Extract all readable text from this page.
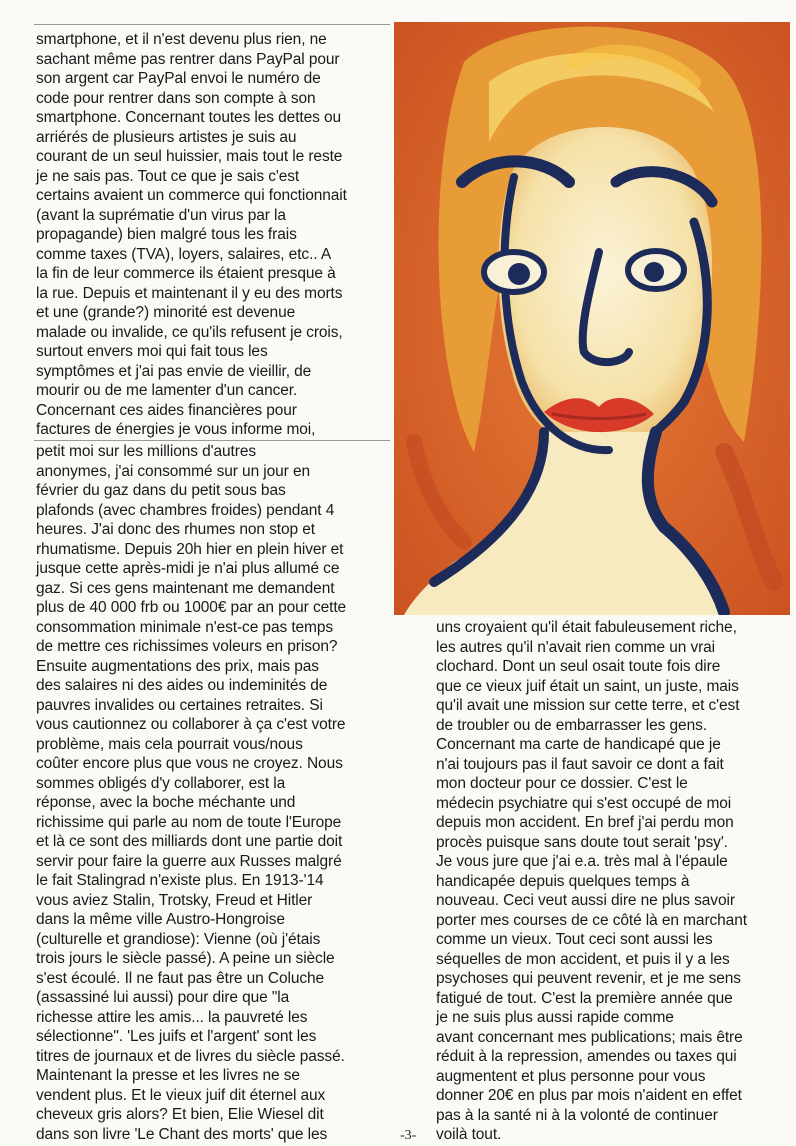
smartphone, et il n'est devenu plus rien, ne
sachant même pas rentrer dans PayPal pour
son argent car PayPal envoi le numéro de
code pour rentrer dans son compte à son
smartphone. Concernant toutes les dettes ou
arriérés de plusieurs artistes je suis au
courant de un seul huissier, mais tout le reste
je ne sais pas. Tout ce que je sais c'est
certains avaient un commerce qui fonctionnait
(avant la suprématie d'un virus par la
propagande) bien malgré tous les frais
comme taxes (TVA), loyers, salaires, etc.. A
la fin de leur commerce ils étaient presque à
la rue. Depuis et maintenant il y eu des morts
et une (grande?) minorité est devenue
malade ou invalide, ce qu'ils refusent je crois,
surtout envers moi qui fait tous les
symptômes et j'ai pas envie de vieillir, de
mourir ou de me lamenter d'un cancer.
Concernant ces aides financières pour
factures de énergies je vous informe moi,

petit moi sur les millions d'autres
anonymes, j'ai consommé sur un jour en
février du gaz dans du petit sous bas
plafonds (avec chambres froides) pendant 4
heures. J'ai donc des rhumes non stop et
rhumatisme. Depuis 20h hier en plein hiver et
jusque cette après-midi je n'ai plus allumé ce
gaz. Si ces gens maintenant me demandent
plus de 40 000 frb ou 1000€ par an pour cette
consommation minimale n'est-ce pas temps
de mettre ces richissimes voleurs en prison?
Ensuite augmentations des prix, mais pas
des salaires ni des aides ou indeminités de
pauvres invalides ou certaines retraites. Si
vous cautionnez ou collaborer à ça c'est votre
problème, mais cela pourrait vous/nous
coûter encore plus que vous ne croyez. Nous
sommes obligés d'y collaborer, est la
réponse, avec la boche méchante und
richissime qui parle au nom de toute l'Europe
et là ce sont des milliards dont une partie doit
servir pour faire la guerre aux Russes malgré
le fait Stalingrad n'existe plus. En 1913-'14
vous aviez Stalin, Trotsky, Freud et Hitler
dans la même ville Austro-Hongroise
(culturelle et grandiose): Vienne (où j'étais
trois jours le siècle passé). A peine un siècle
s'est écoulé. Il ne faut pas être un Coluche
(assassiné lui aussi) pour dire que "la
richesse attire les amis... la pauvreté les
sélectionne". 'Les juifs et l'argent' sont les
titres de journaux et de livres du siècle passé.
Maintenant la presse et les livres ne se
vendent plus. Et le vieux juif dit éternel aux
cheveux gris alors? Et bien, Elie Wiesel dit
dans son livre 'Le Chant des morts' que les

uns croyaient qu'il était fabuleusement riche,
les autres qu'il n'avait rien comme un vrai
clochard. Dont un seul osait toute fois dire
que ce vieux juif était un saint, un juste, mais
qu'il avait une mission sur cette terre, et c'est
de troubler ou de embarrasser les gens.
Concernant ma carte de handicapé que je
n'ai toujours pas il faut savoir ce dont a fait
mon docteur pour ce dossier. C'est le
médecin psychiatre qui s'est occupé de moi
depuis mon accident. En bref j'ai perdu mon
procès puisque sans doute tout serait 'psy'.
Je vous jure que j'ai e.a. très mal à l'épaule
handicapée depuis quelques temps à
nouveau. Ceci veut aussi dire ne plus savoir
porter mes courses de ce côté là en marchant
comme un vieux. Tout ceci sont aussi les
séquelles de mon accident, et puis il y a les
psychoses qui peuvent revenir, et je me sens
fatigué de tout. C'est la première année que
je ne suis plus aussi rapide comme
avant concernant mes publications; mais être
réduit à la repression, amendes ou taxes qui
augmentent et plus personne pour vous
donner 20€ en plus par mois n'aident en effet
pas à la santé ni à la volonté de continuer
voilà tout.

-3-
